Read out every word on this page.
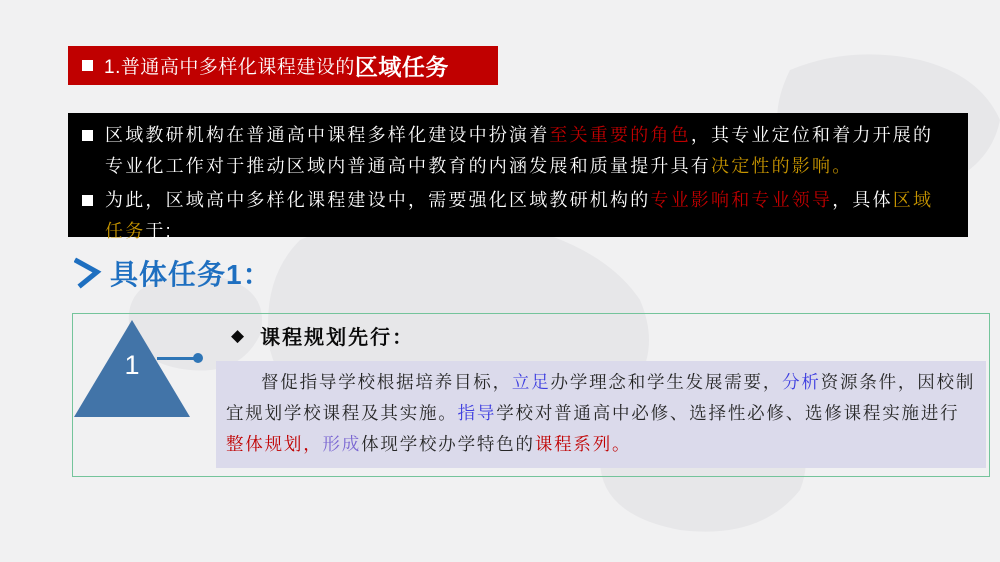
1.普通高中多样化课程建设的 区域任务
区域教研机构在普通高中课程多样化建设中扮演着至关重要的角色，其专业定位和着力开展的专业化工作对于推动区域内普通高中教育的内涵发展和质量提升具有决定性的影响。
为此，区域高中多样化课程建设中，需要强化区域教研机构的专业影响和专业领导，具体区域任务于:
具体任务1：
1
◆ 课程规划先行：
督促指导学校根据培养目标，立足办学理念和学生发展需要，分析资源条件，因校制宜规划学校课程及其实施。指导学校对普通高中必修、选择性必修、选修课程实施进行整体规划，形成体现学校办学特色的课程系列。
